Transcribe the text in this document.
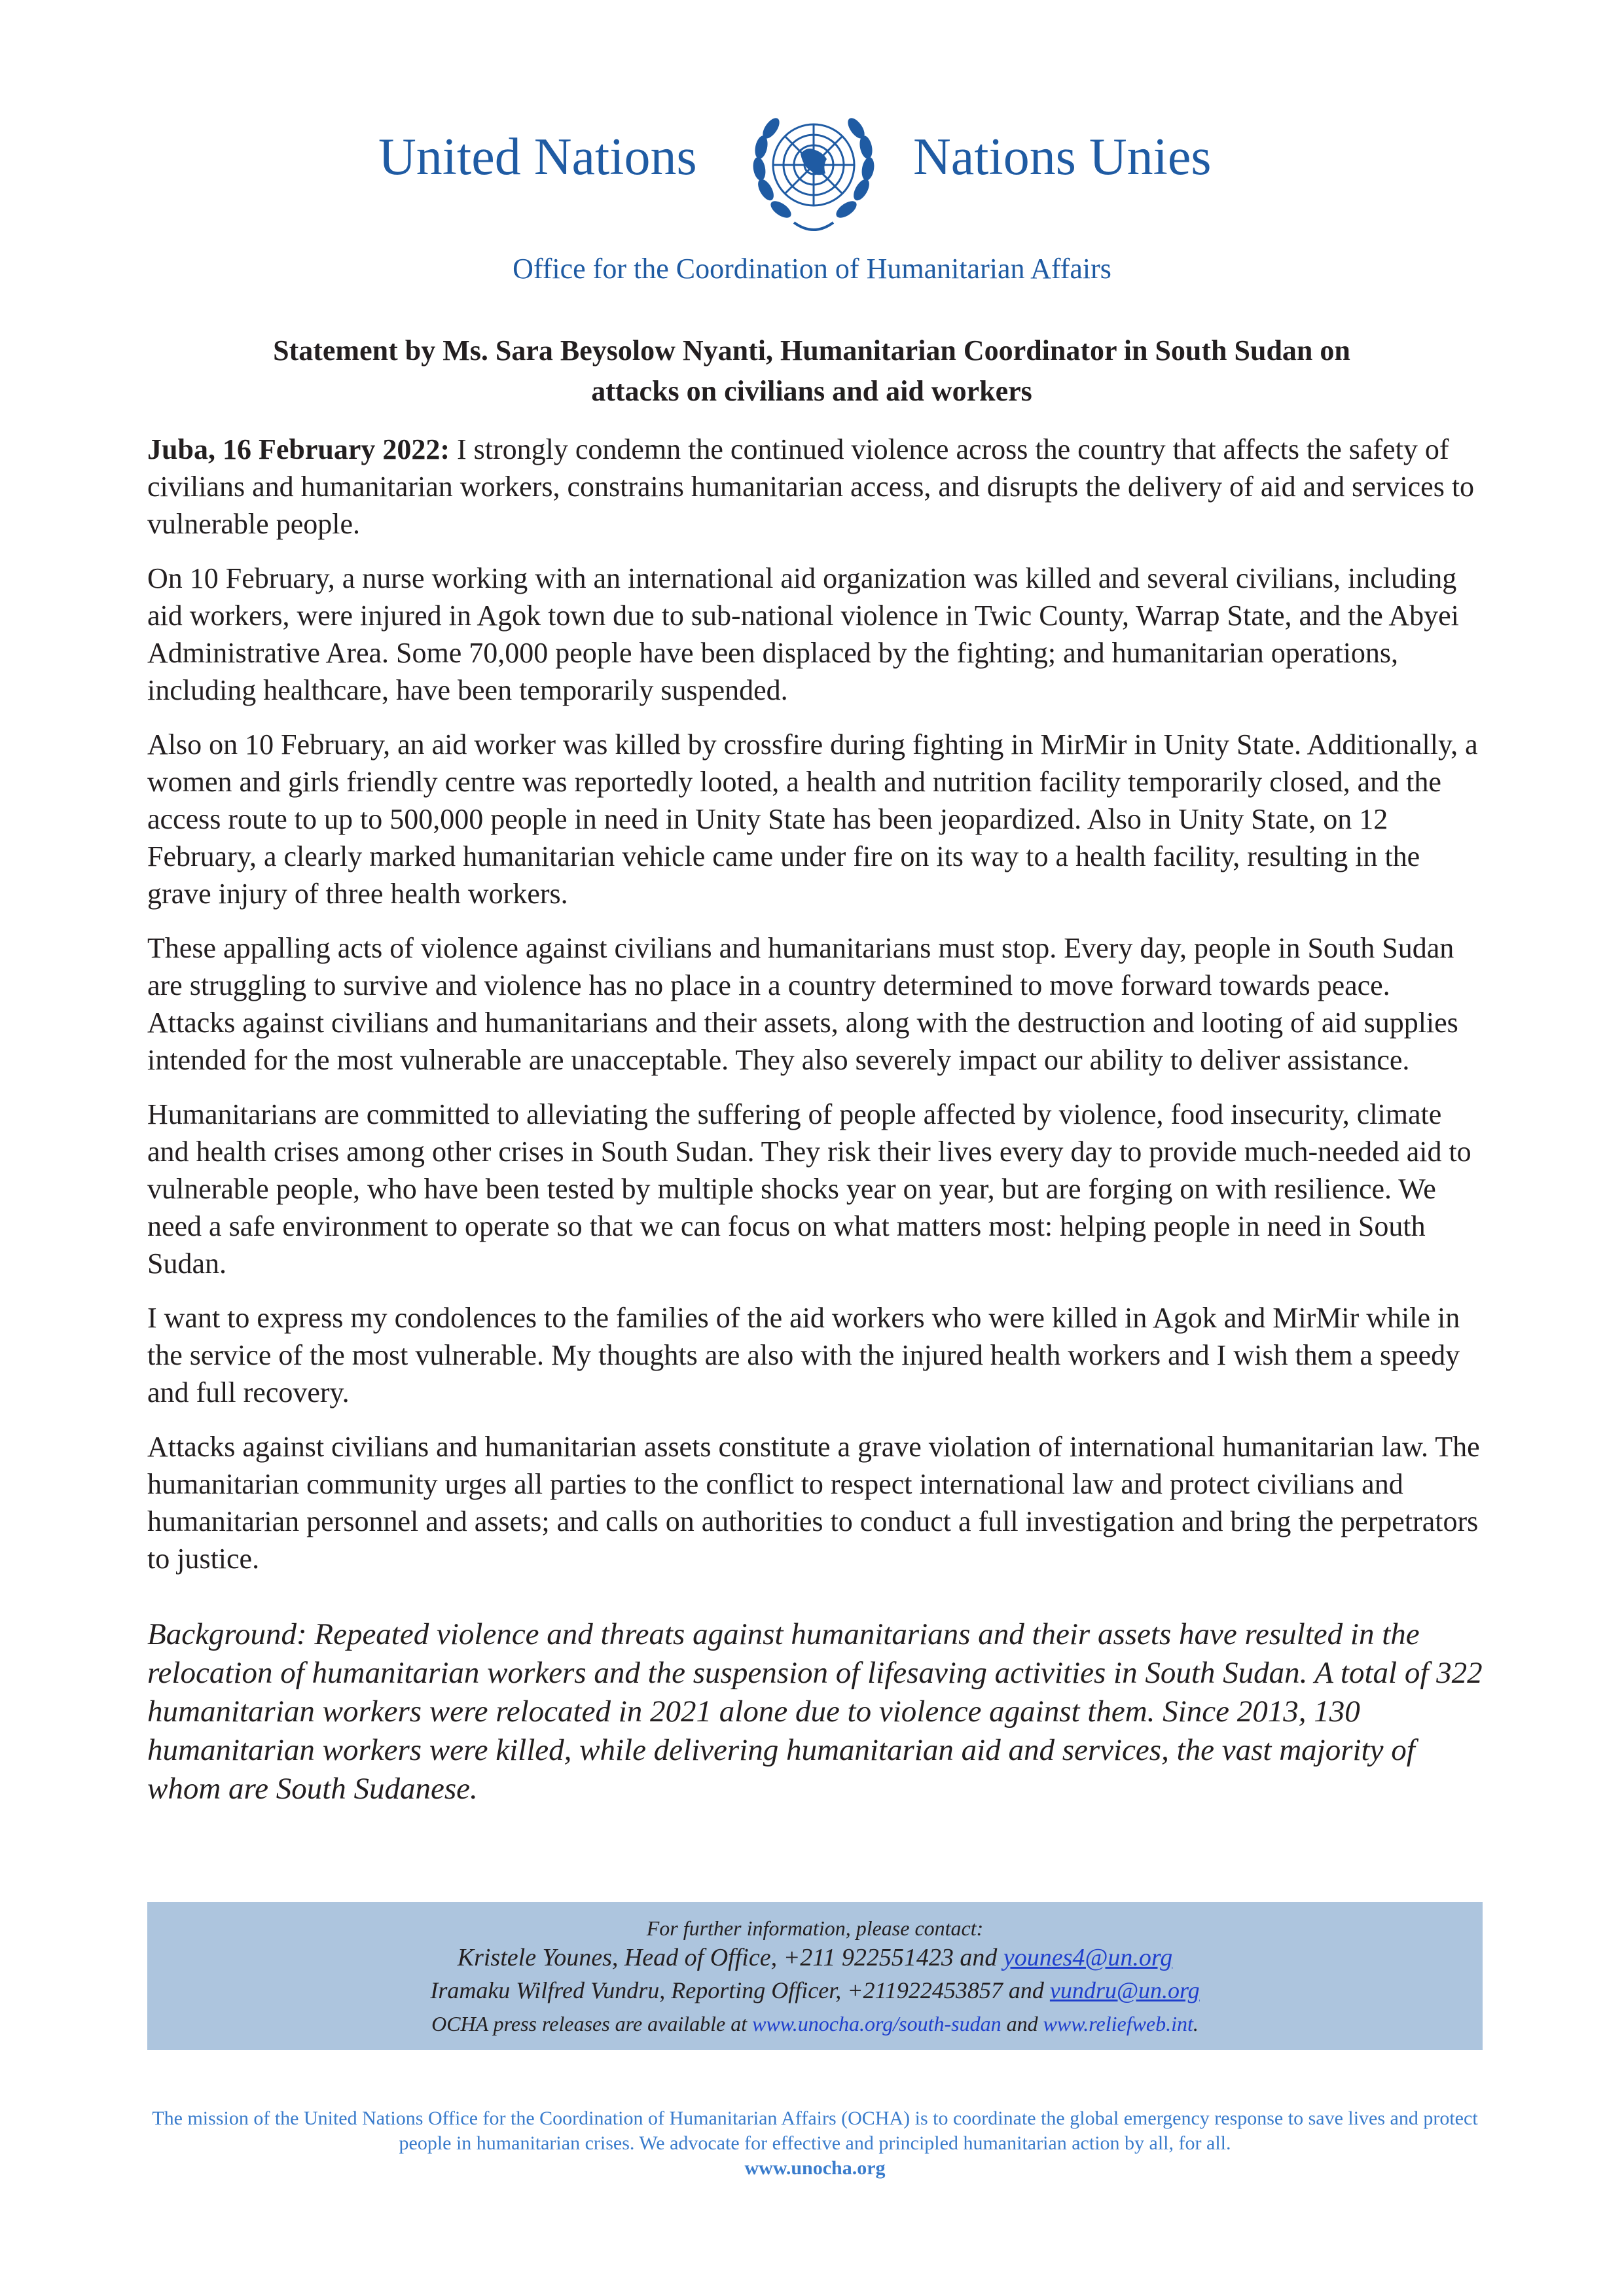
United Nations	Nations Unies
Office for the Coordination of Humanitarian Affairs
Statement by Ms. Sara Beysolow Nyanti, Humanitarian Coordinator in South Sudan on
attacks on civilians and aid workers

Juba, 16 February 2022: I strongly condemn the continued violence across the country that affects the safety of civilians and humanitarian workers, constrains humanitarian access, and disrupts the delivery of aid and services to vulnerable people.

On 10 February, a nurse working with an international aid organization was killed and several civilians, including aid workers, were injured in Agok town due to sub-national violence in Twic County, Warrap State, and the Abyei Administrative Area. Some 70,000 people have been displaced by the fighting; and humanitarian operations, including healthcare, have been temporarily suspended.

Also on 10 February, an aid worker was killed by crossfire during fighting in MirMir in Unity State. Additionally, a women and girls friendly centre was reportedly looted, a health and nutrition facility temporarily closed, and the access route to up to 500,000 people in need in Unity State has been jeopardized. Also in Unity State, on 12 February, a clearly marked humanitarian vehicle came under fire on its way to a health facility, resulting in the grave injury of three health workers.

These appalling acts of violence against civilians and humanitarians must stop. Every day, people in South Sudan are struggling to survive and violence has no place in a country determined to move forward towards peace. Attacks against civilians and humanitarians and their assets, along with the destruction and looting of aid supplies intended for the most vulnerable are unacceptable. They also severely impact our ability to deliver assistance.

Humanitarians are committed to alleviating the suffering of people affected by violence, food insecurity, climate and health crises among other crises in South Sudan. They risk their lives every day to provide much-needed aid to vulnerable people, who have been tested by multiple shocks year on year, but are forging on with resilience. We need a safe environment to operate so that we can focus on what matters most: helping people in need in South Sudan.

I want to express my condolences to the families of the aid workers who were killed in Agok and MirMir while in the service of the most vulnerable. My thoughts are also with the injured health workers and I wish them a speedy and full recovery.

Attacks against civilians and humanitarian assets constitute a grave violation of international humanitarian law. The humanitarian community urges all parties to the conflict to respect international law and protect civilians and humanitarian personnel and assets; and calls on authorities to conduct a full investigation and bring the perpetrators to justice.

Background: Repeated violence and threats against humanitarians and their assets have resulted in the relocation of humanitarian workers and the suspension of lifesaving activities in South Sudan. A total of 322 humanitarian workers were relocated in 2021 alone due to violence against them. Since 2013, 130 humanitarian workers were killed, while delivering humanitarian aid and services, the vast majority of whom are South Sudanese.

For further information, please contact:
Kristele Younes, Head of Office, +211 922551423 and younes4@un.org
Iramaku Wilfred Vundru, Reporting Officer, +211922453857 and vundru@un.org
OCHA press releases are available at www.unocha.org/south-sudan and www.reliefweb.int.
The mission of the United Nations Office for the Coordination of Humanitarian Affairs (OCHA) is to coordinate the global emergency response to save lives and protect people in humanitarian crises. We advocate for effective and principled humanitarian action by all, for all.
www.unocha.org
